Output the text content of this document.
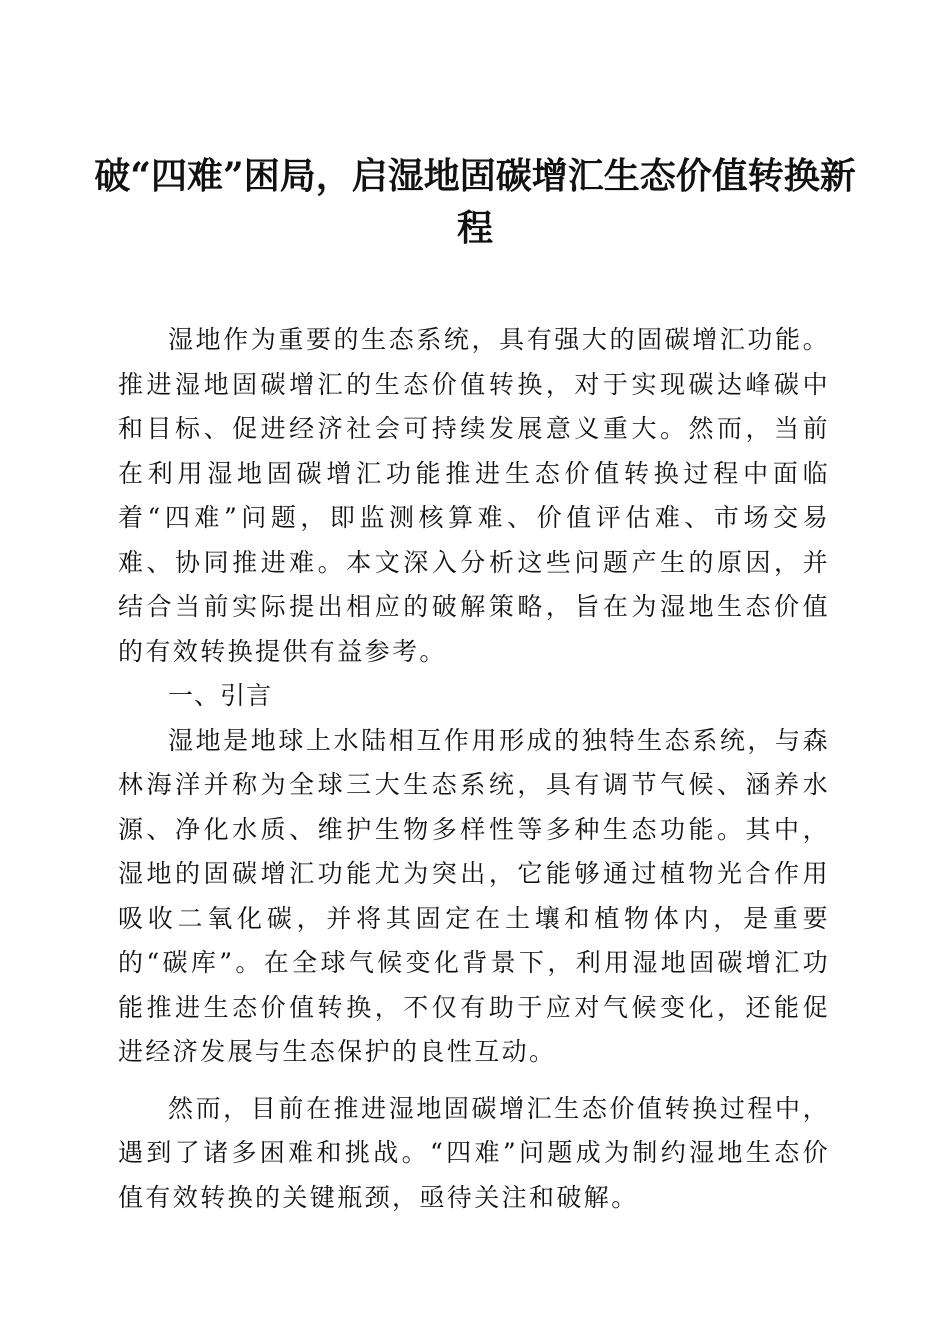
破“四难”困局，启湿地固碳增汇生态价值转换新程

湿地作为重要的生态系统，具有强大的固碳增汇功能。推进湿地固碳增汇的生态价值转换，对于实现碳达峰碳中和目标、促进经济社会可持续发展意义重大。然而，当前在利用湿地固碳增汇功能推进生态价值转换过程中面临着“四难”问题，即监测核算难、价值评估难、市场交易难、协同推进难。本文深入分析这些问题产生的原因，并结合当前实际提出相应的破解策略，旨在为湿地生态价值的有效转换提供有益参考。

一、引言

湿地是地球上水陆相互作用形成的独特生态系统，与森林海洋并称为全球三大生态系统，具有调节气候、涵养水源、净化水质、维护生物多样性等多种生态功能。其中，湿地的固碳增汇功能尤为突出，它能够通过植物光合作用吸收二氧化碳，并将其固定在土壤和植物体内，是重要的“碳库”。在全球气候变化背景下，利用湿地固碳增汇功能推进生态价值转换，不仅有助于应对气候变化，还能促进经济发展与生态保护的良性互动。

然而，目前在推进湿地固碳增汇生态价值转换过程中，遇到了诸多困难和挑战。“四难”问题成为制约湿地生态价值有效转换的关键瓶颈，亟待关注和破解。
